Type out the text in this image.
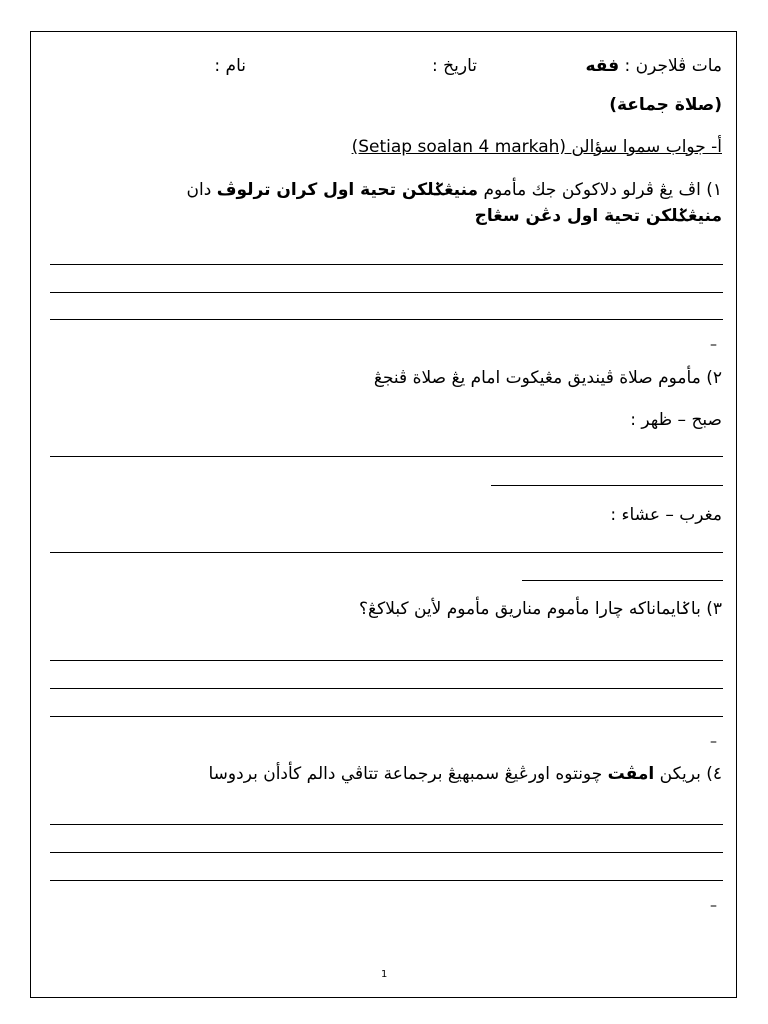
مات ڤلاجرن : فقه
تاريخ :
نام :
(صلاة جماعة)
أ- جواب سموا سؤالن (Setiap soalan 4 markah)
١) اڤ يڠ ڤرلو دلاكوكن جك مأموم منيڠݢلكن تحية اول كران ترلوڤ دان
منيڠݢلكن تحية اول دڠن سڠاج
–
٢) مأموم صلاة ڤينديق مڠيكوت امام يڠ صلاة ڤنجڠ
صبح – ظهر :
مغرب – عشاء :
٣) باݢايماناكه چارا مأموم مناريق مأموم لأين كبلاكڠ؟
–
٤) بريكن امڤت چونتوه اورڠيڠ سمبهيڠ برجماعة تتاڤي دالم كأدأن بردوسا
–
1
